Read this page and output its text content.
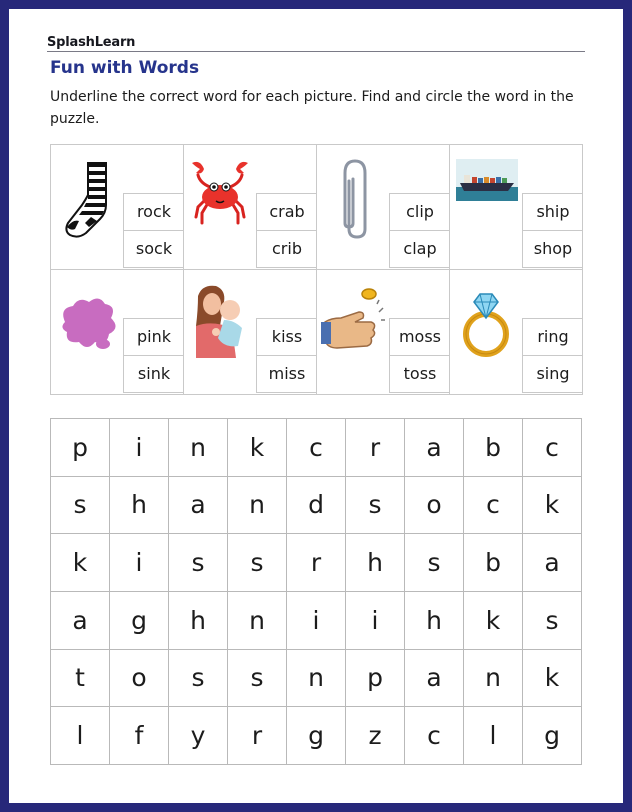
SplashLearn
Fun with Words
Underline the correct word for each picture. Find and circle the word in the puzzle.
rock
sock
crab
crib
clip
clap
ship
shop
pink
sink
kiss
miss
moss
toss
ring
sing
p	i	n	k	c	r	a	b	c
s	h	a	n	d	s	o	c	k
k	i	s	s	r	h	s	b	a
a	g	h	n	i	i	h	k	s
t	o	s	s	n	p	a	n	k
l	f	y	r	g	z	c	l	g
